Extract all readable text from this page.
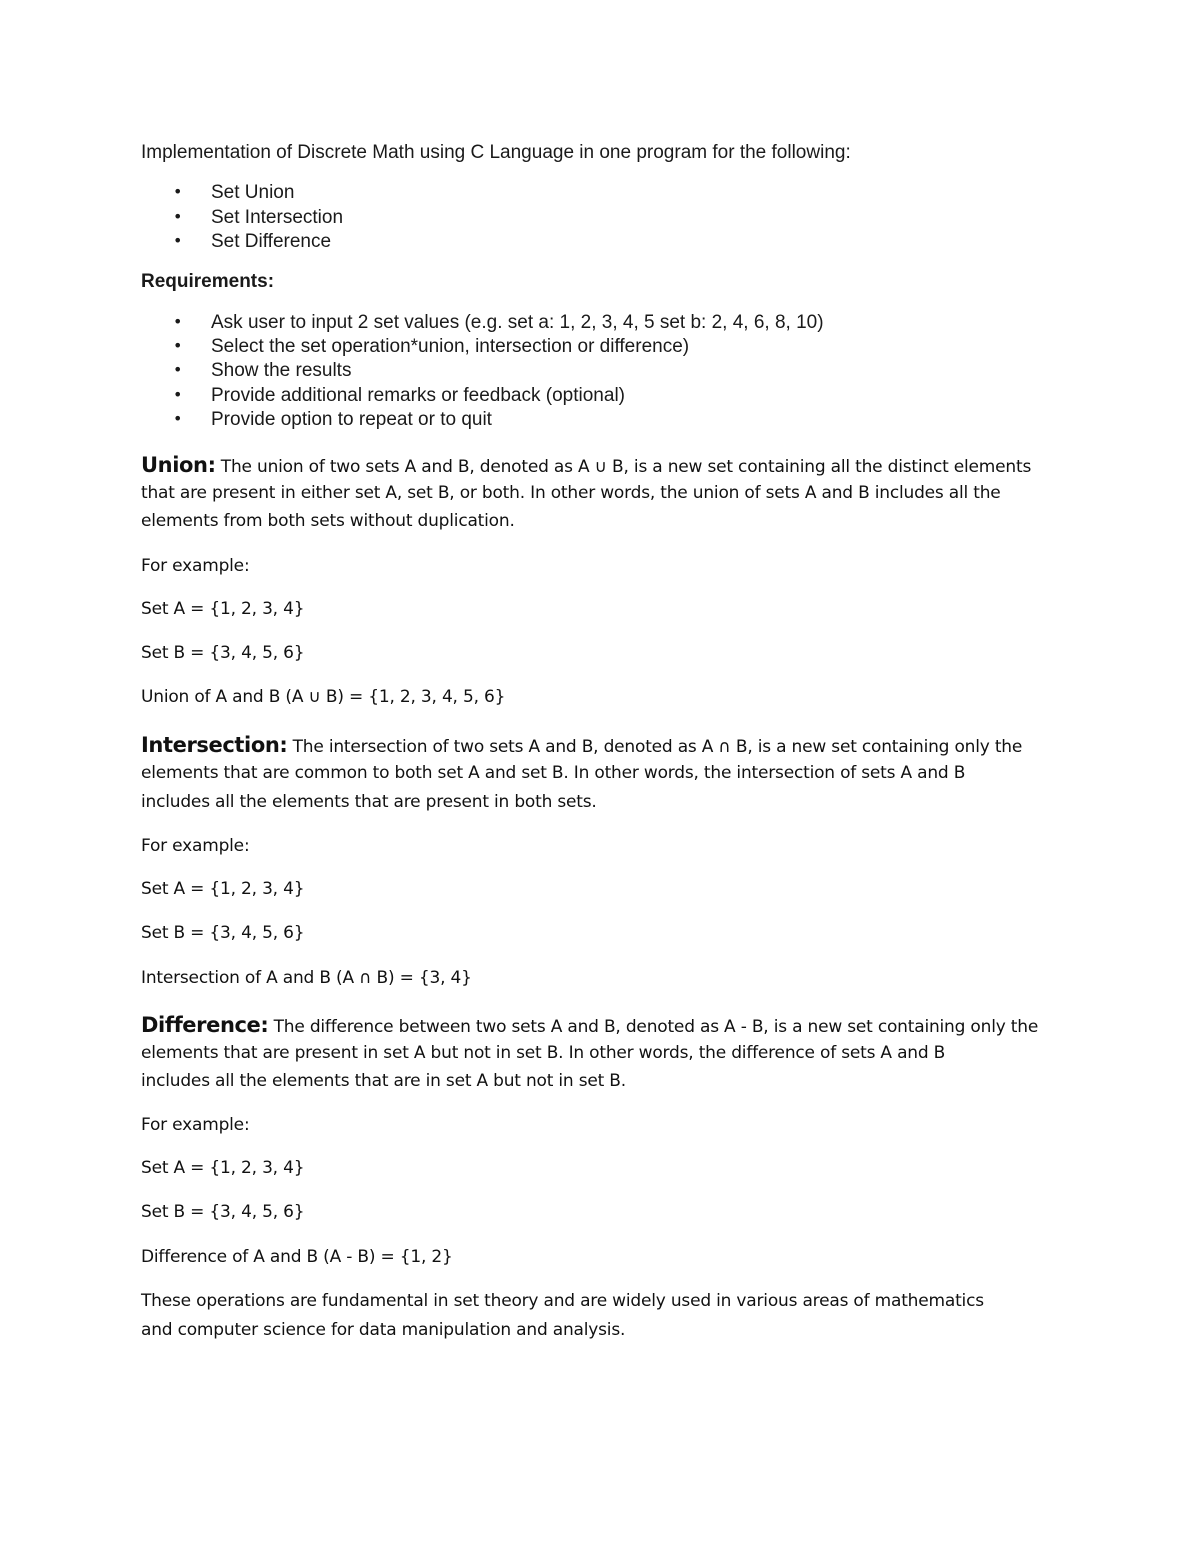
Implementation of Discrete Math using C Language in one program for the following:
• Set Union
• Set Intersection
• Set Difference
Requirements:
• Ask user to input 2 set values (e.g. set a: 1, 2, 3, 4, 5 set b: 2, 4, 6, 8, 10)
• Select the set operation*union, intersection or difference)
• Show the results
• Provide additional remarks or feedback (optional)
• Provide option to repeat or to quit
Union: The union of two sets A and B, denoted as A ∪ B, is a new set containing all the distinct elements
that are present in either set A, set B, or both. In other words, the union of sets A and B includes all the
elements from both sets without duplication.
For example:
Set A = {1, 2, 3, 4}
Set B = {3, 4, 5, 6}
Union of A and B (A ∪ B) = {1, 2, 3, 4, 5, 6}
Intersection: The intersection of two sets A and B, denoted as A ∩ B, is a new set containing only the
elements that are common to both set A and set B. In other words, the intersection of sets A and B
includes all the elements that are present in both sets.
For example:
Set A = {1, 2, 3, 4}
Set B = {3, 4, 5, 6}
Intersection of A and B (A ∩ B) = {3, 4}
Difference: The difference between two sets A and B, denoted as A - B, is a new set containing only the
elements that are present in set A but not in set B. In other words, the difference of sets A and B
includes all the elements that are in set A but not in set B.
For example:
Set A = {1, 2, 3, 4}
Set B = {3, 4, 5, 6}
Difference of A and B (A - B) = {1, 2}
These operations are fundamental in set theory and are widely used in various areas of mathematics
and computer science for data manipulation and analysis.
